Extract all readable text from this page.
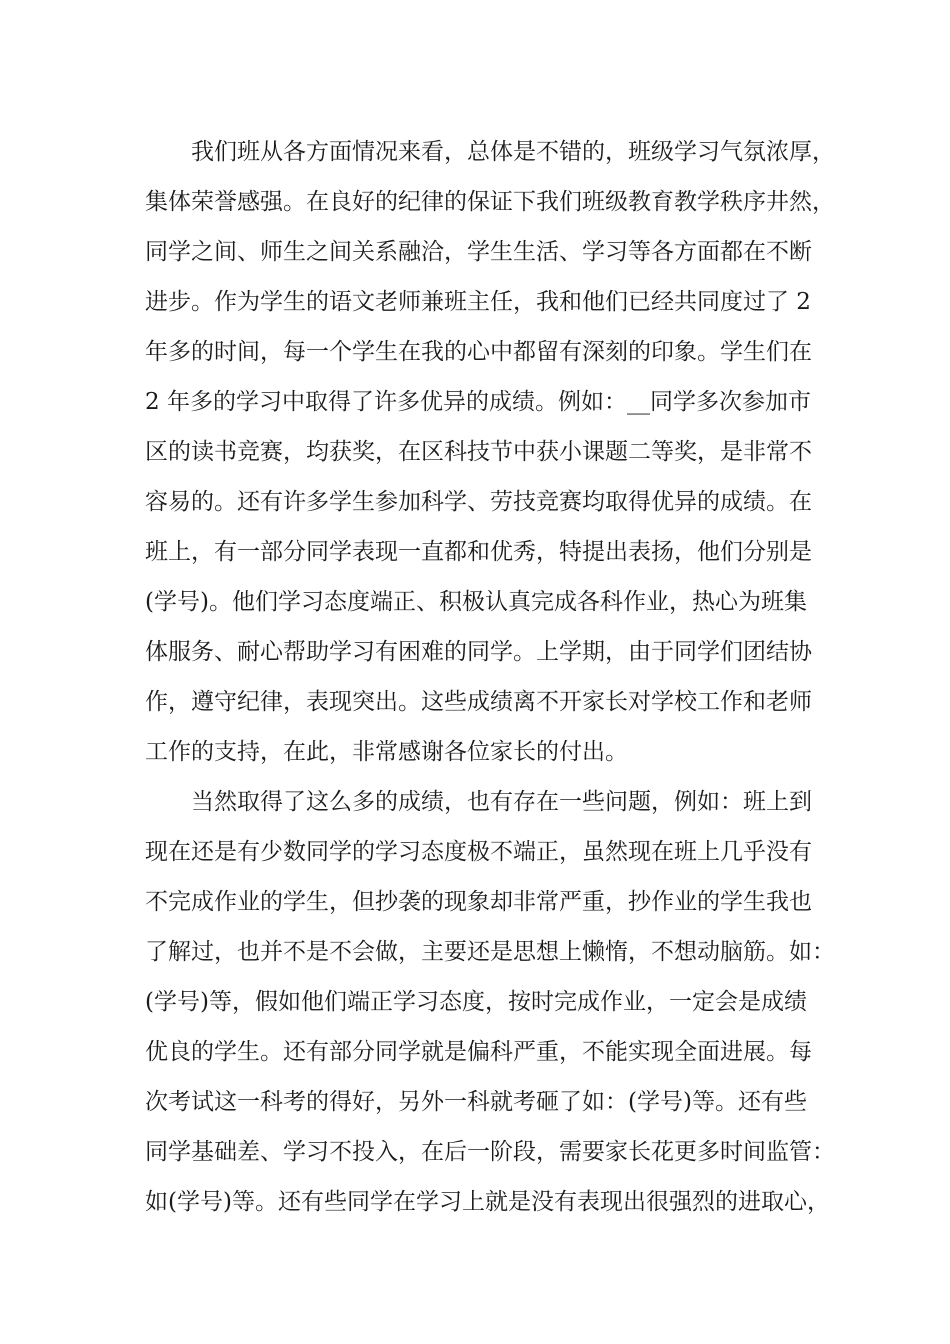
我们班从各方面情况来看，总体是不错的，班级学习气氛浓厚，
集体荣誉感强。在良好的纪律的保证下我们班级教育教学秩序井然，
同学之间、师生之间关系融洽，学生生活、学习等各方面都在不断
进步。作为学生的语文老师兼班主任，我和他们已经共同度过了 2
年多的时间，每一个学生在我的心中都留有深刻的印象。学生们在
2 年多的学习中取得了许多优异的成绩。例如：__同学多次参加市
区的读书竞赛，均获奖，在区科技节中获小课题二等奖，是非常不
容易的。还有许多学生参加科学、劳技竞赛均取得优异的成绩。在
班上，有一部分同学表现一直都和优秀，特提出表扬，他们分别是
(学号)。他们学习态度端正、积极认真完成各科作业，热心为班集
体服务、耐心帮助学习有困难的同学。上学期，由于同学们团结协
作，遵守纪律，表现突出。这些成绩离不开家长对学校工作和老师
工作的支持，在此，非常感谢各位家长的付出。
当然取得了这么多的成绩，也有存在一些问题，例如：班上到
现在还是有少数同学的学习态度极不端正，虽然现在班上几乎没有
不完成作业的学生，但抄袭的现象却非常严重，抄作业的学生我也
了解过，也并不是不会做，主要还是思想上懒惰，不想动脑筋。如：
(学号)等，假如他们端正学习态度，按时完成作业，一定会是成绩
优良的学生。还有部分同学就是偏科严重，不能实现全面进展。每
次考试这一科考的得好，另外一科就考砸了如：(学号)等。还有些
同学基础差、学习不投入，在后一阶段，需要家长花更多时间监管：
如(学号)等。还有些同学在学习上就是没有表现出很强烈的进取心，
